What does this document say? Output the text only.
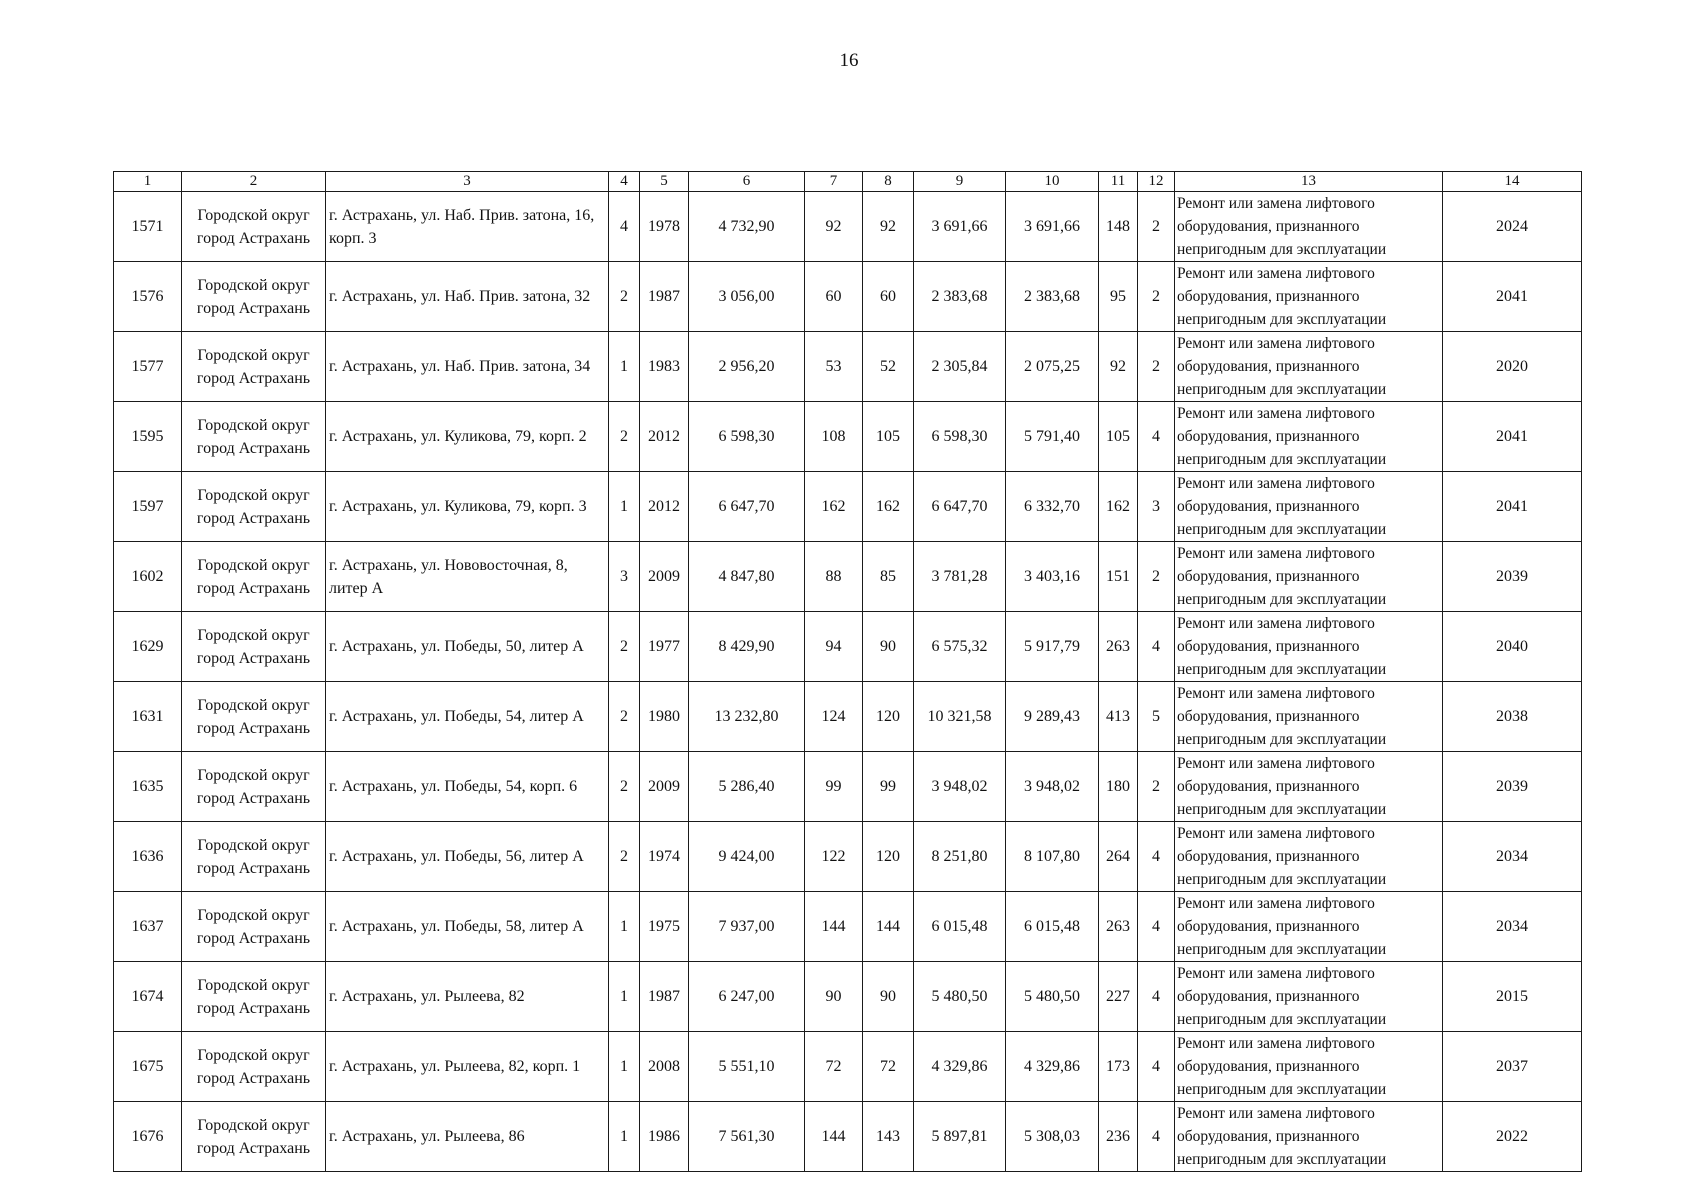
16
1	2	3	4	5	6	7	8	9	10	11	12	13	14
1571	Городской округ город Астрахань	г. Астрахань, ул. Наб. Прив. затона, 16, корп. 3	4	1978	4 732,90	92	92	3 691,66	3 691,66	148	2	Ремонт или замена лифтового
оборудования, признанного
непригодным для эксплуатации	2024
1576	Городской округ город Астрахань	г. Астрахань, ул. Наб. Прив. затона, 32	2	1987	3 056,00	60	60	2 383,68	2 383,68	95	2	Ремонт или замена лифтового
оборудования, признанного
непригодным для эксплуатации	2041
1577	Городской округ город Астрахань	г. Астрахань, ул. Наб. Прив. затона, 34	1	1983	2 956,20	53	52	2 305,84	2 075,25	92	2	Ремонт или замена лифтового
оборудования, признанного
непригодным для эксплуатации	2020
1595	Городской округ город Астрахань	г. Астрахань, ул. Куликова, 79, корп. 2	2	2012	6 598,30	108	105	6 598,30	5 791,40	105	4	Ремонт или замена лифтового
оборудования, признанного
непригодным для эксплуатации	2041
1597	Городской округ город Астрахань	г. Астрахань, ул. Куликова, 79, корп. 3	1	2012	6 647,70	162	162	6 647,70	6 332,70	162	3	Ремонт или замена лифтового
оборудования, признанного
непригодным для эксплуатации	2041
1602	Городской округ город Астрахань	г. Астрахань, ул. Нововосточная, 8, литер А	3	2009	4 847,80	88	85	3 781,28	3 403,16	151	2	Ремонт или замена лифтового
оборудования, признанного
непригодным для эксплуатации	2039
1629	Городской округ город Астрахань	г. Астрахань, ул. Победы, 50, литер А	2	1977	8 429,90	94	90	6 575,32	5 917,79	263	4	Ремонт или замена лифтового
оборудования, признанного
непригодным для эксплуатации	2040
1631	Городской округ город Астрахань	г. Астрахань, ул. Победы, 54, литер А	2	1980	13 232,80	124	120	10 321,58	9 289,43	413	5	Ремонт или замена лифтового
оборудования, признанного
непригодным для эксплуатации	2038
1635	Городской округ город Астрахань	г. Астрахань, ул. Победы, 54, корп. 6	2	2009	5 286,40	99	99	3 948,02	3 948,02	180	2	Ремонт или замена лифтового
оборудования, признанного
непригодным для эксплуатации	2039
1636	Городской округ город Астрахань	г. Астрахань, ул. Победы, 56, литер А	2	1974	9 424,00	122	120	8 251,80	8 107,80	264	4	Ремонт или замена лифтового
оборудования, признанного
непригодным для эксплуатации	2034
1637	Городской округ город Астрахань	г. Астрахань, ул. Победы, 58, литер А	1	1975	7 937,00	144	144	6 015,48	6 015,48	263	4	Ремонт или замена лифтового
оборудования, признанного
непригодным для эксплуатации	2034
1674	Городской округ город Астрахань	г. Астрахань, ул. Рылеева, 82	1	1987	6 247,00	90	90	5 480,50	5 480,50	227	4	Ремонт или замена лифтового
оборудования, признанного
непригодным для эксплуатации	2015
1675	Городской округ город Астрахань	г. Астрахань, ул. Рылеева, 82, корп. 1	1	2008	5 551,10	72	72	4 329,86	4 329,86	173	4	Ремонт или замена лифтового
оборудования, признанного
непригодным для эксплуатации	2037
1676	Городской округ город Астрахань	г. Астрахань, ул. Рылеева, 86	1	1986	7 561,30	144	143	5 897,81	5 308,03	236	4	Ремонт или замена лифтового
оборудования, признанного
непригодным для эксплуатации	2022
